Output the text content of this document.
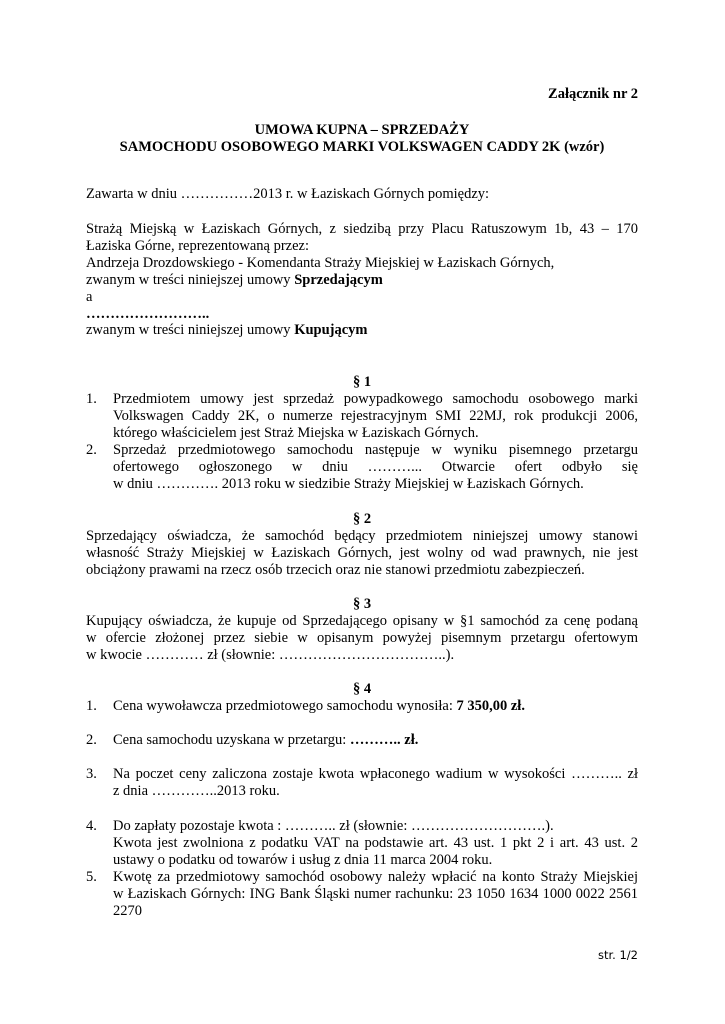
Załącznik nr 2
UMOWA KUPNA – SPRZEDAŻY
SAMOCHODU OSOBOWEGO MARKI VOLKSWAGEN CADDY 2K (wzór)
Zawarta w dniu ……………2013 r. w Łaziskach Górnych pomiędzy:
Strażą Miejską w Łaziskach Górnych, z siedzibą przy Placu Ratuszowym 1b, 43 – 170
Łaziska Górne, reprezentowaną przez:
Andrzeja Drozdowskiego - Komendanta Straży Miejskiej w Łaziskach Górnych,
zwanym w treści niniejszej umowy Sprzedającym
a
……………………..
zwanym w treści niniejszej umowy Kupującym
§ 1
1.	Przedmiotem umowy jest sprzedaż powypadkowego samochodu osobowego marki
Volkswagen Caddy 2K, o numerze rejestracyjnym SMI 22MJ, rok produkcji 2006,
którego właścicielem jest Straż Miejska w Łaziskach Górnych.
2.	Sprzedaż przedmiotowego samochodu następuje w wyniku pisemnego przetargu
ofertowego ogłoszonego w dniu ………... Otwarcie ofert odbyło się
w dniu …………. 2013 roku w siedzibie Straży Miejskiej w Łaziskach Górnych.
§ 2
Sprzedający oświadcza, że samochód będący przedmiotem niniejszej umowy stanowi
własność Straży Miejskiej w Łaziskach Górnych, jest wolny od wad prawnych, nie jest
obciążony prawami na rzecz osób trzecich oraz nie stanowi przedmiotu zabezpieczeń.
§ 3
Kupujący oświadcza, że kupuje od Sprzedającego opisany w §1 samochód za cenę podaną
w ofercie złożonej przez siebie w opisanym powyżej pisemnym przetargu ofertowym
w kwocie ………… zł (słownie: ……………………………..).
§ 4
1.	Cena wywoławcza przedmiotowego samochodu wynosiła: 7 350,00 zł.
2.	Cena samochodu uzyskana w przetargu: ……….. zł.
3.	Na poczet ceny zaliczona zostaje kwota wpłaconego wadium w wysokości ……….. zł
z dnia …………..2013 roku.
4.	Do zapłaty pozostaje kwota : ……….. zł (słownie: ……………………….).
Kwota jest zwolniona z podatku VAT na podstawie art. 43 ust. 1 pkt 2 i art. 43 ust. 2
ustawy o podatku od towarów i usług z dnia 11 marca 2004 roku.
5.	Kwotę za przedmiotowy samochód osobowy należy wpłacić na konto Straży Miejskiej
w Łaziskach Górnych: ING Bank Śląski numer rachunku: 23 1050 1634 1000 0022 2561
2270
str. 1/2
